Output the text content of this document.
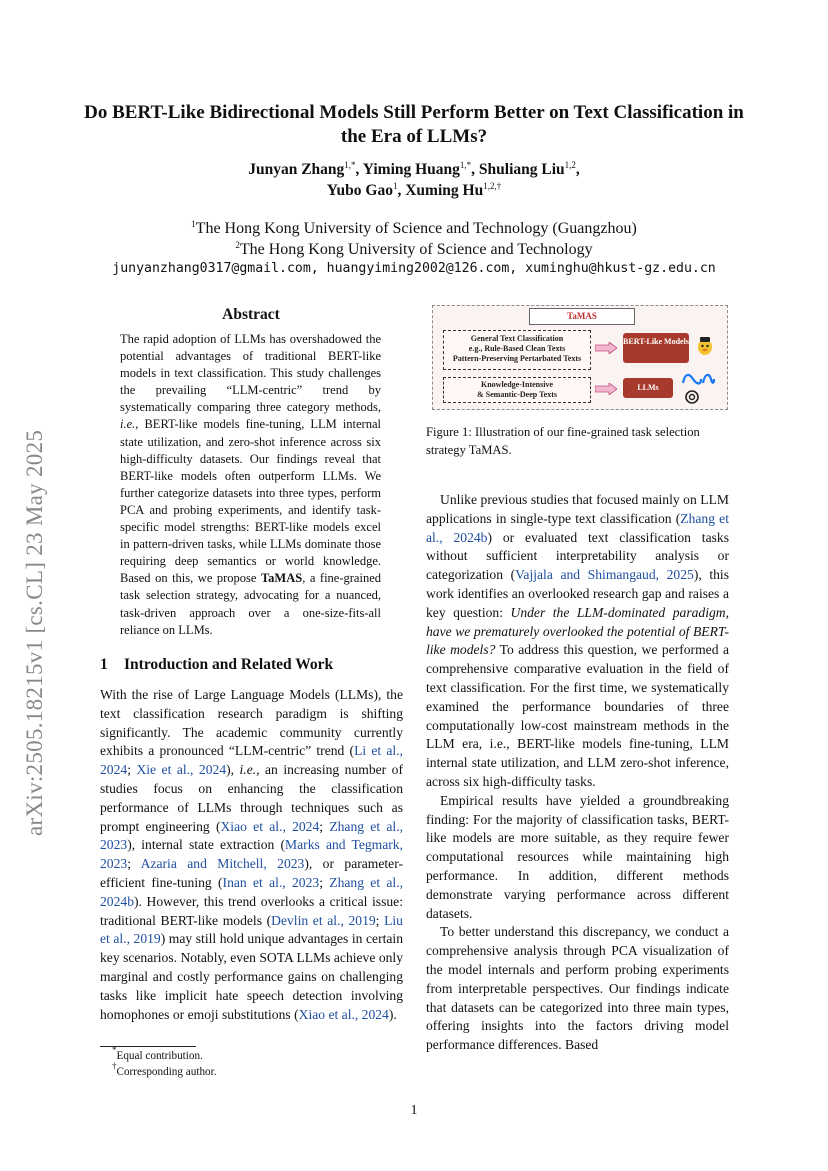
arXiv:2505.18215v1 [cs.CL] 23 May 2025
Do BERT-Like Bidirectional Models Still Perform Better on Text Classification in the Era of LLMs?
Junyan Zhang$^{1,*}$, Yiming Huang$^{1,*}$, Shuliang Liu$^{1,2}$,
Yubo Gao$^1$, Xuming $Hu^{1,2,\dagger}$
$^1$The Hong Kong University of Science and Technology (Guangzhou)
$^2$The Hong Kong University of Science and Technology
junyanzhang0317@gmail.com, huangyiming2002@126.com, xuminghu@hkust-gz.edu.cn
Abstract
The rapid adoption of LLMs has overshadowed the potential advantages of traditional BERT-like models in text classification. This study challenges the prevailing “LLM-centric” trend by systematically comparing three category methods, i.e., BERT-like models fine-tuning, LLM internal state utilization, and zero-shot inference across six high-difficulty datasets. Our findings reveal that BERT-like models often outperform LLMs. We further categorize datasets into three types, perform PCA and probing experiments, and identify task-specific model strengths: BERT-like models excel in pattern-driven tasks, while LLMs dominate those requiring deep semantics or world knowledge. Based on this, we propose TaMAS, a fine-grained task selection strategy, advocating for a nuanced, task-driven approach over a one-size-fits-all reliance on LLMs.
1 Introduction and Related Work
With the rise of Large Language Models (LLMs), the text classification research paradigm is shifting significantly. The academic community currently exhibits a pronounced “LLM-centric” trend (Li et al., 2024; Xie et al., 2024), i.e., an increasing number of studies focus on enhancing the classification performance of LLMs through techniques such as prompt engineering (Xiao et al., 2024; Zhang et al., 2023), internal state extraction (Marks and Tegmark, 2023; Azaria and Mitchell, 2023), or parameter-efficient fine-tuning (Inan et al., 2023; Zhang et al., 2024b). However, this trend overlooks a critical issue: traditional BERT-like models (Devlin et al., 2019; Liu et al., 2019) may still hold unique advantages in certain key scenarios. Notably, even SOTA LLMs achieve only marginal and costly performance gains on challenging tasks like implicit hate speech detection involving homophones or emoji substitutions (Xiao et al., 2024).
*Equal contribution.
†Corresponding author.
TaMAS
General Text Classification
e.g., Rule-Based Clean Texts
Pattern-Preserving Pertarbated Texts
Knowledge-Intensive
& Semantic-Deep Texts
BERT-Like Models
LLMs
Figure 1: Illustration of our fine-grained task selection strategy TaMAS.

Unlike previous studies that focused mainly on LLM applications in single-type text classification (Zhang et al., 2024b) or evaluated text classification tasks without sufficient interpretability analysis or categorization (Vajjala and Shimangaud, 2025), this work identifies an overlooked research gap and raises a key question: Under the LLM-dominated paradigm, have we prematurely overlooked the potential of BERT-like models? To address this question, we performed a comprehensive comparative evaluation in the field of text classification. For the first time, we systematically examined the performance boundaries of three computationally low-cost mainstream methods in the LLM era, i.e., BERT-like models fine-tuning, LLM internal state utilization, and LLM zero-shot inference, across six high-difficulty tasks.

Empirical results have yielded a groundbreaking finding: For the majority of classification tasks, BERT-like models are more suitable, as they require fewer computational resources while maintaining high performance. In addition, different methods demonstrate varying performance across different datasets.

To better understand this discrepancy, we conduct a comprehensive analysis through PCA visualization of the model internals and perform probing experiments from interpretable perspectives. Our findings indicate that datasets can be categorized into three main types, offering insights into the factors driving model performance differences. Based

1
